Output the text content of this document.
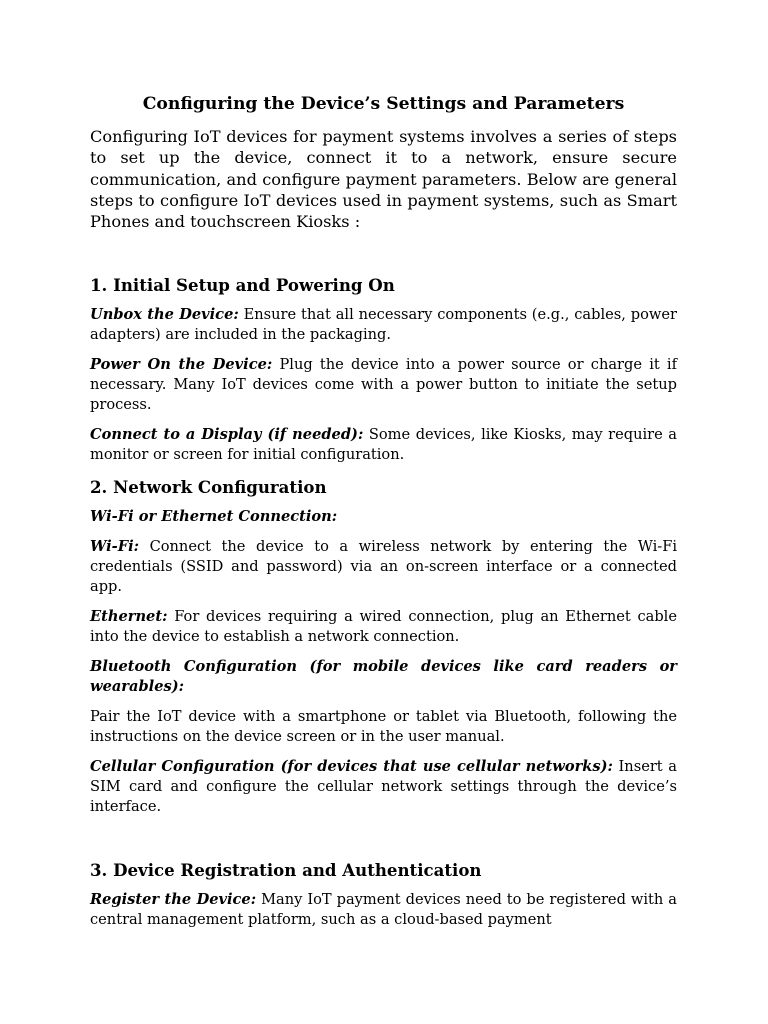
Configuring the Device’s Settings and Parameters

Configuring IoT devices for payment systems involves a series of steps to set up the device, connect it to a network, ensure secure communication, and configure payment parameters. Below are general steps to configure IoT devices used in payment systems, such as Smart Phones and touchscreen Kiosks :

1. Initial Setup and Powering On

Unbox the Device: Ensure that all necessary components (e.g., cables, power adapters) are included in the packaging.

Power On the Device: Plug the device into a power source or charge it if necessary. Many IoT devices come with a power button to initiate the setup process.

Connect to a Display (if needed): Some devices, like Kiosks, may require a monitor or screen for initial configuration.

2. Network Configuration

Wi-Fi or Ethernet Connection:

Wi-Fi: Connect the device to a wireless network by entering the Wi-Fi credentials (SSID and password) via an on-screen interface or a connected app.

Ethernet: For devices requiring a wired connection, plug an Ethernet cable into the device to establish a network connection.

Bluetooth Configuration (for mobile devices like card readers or wearables):

Pair the IoT device with a smartphone or tablet via Bluetooth, following the instructions on the device screen or in the user manual.

Cellular Configuration (for devices that use cellular networks): Insert a SIM card and configure the cellular network settings through the device’s interface.

3. Device Registration and Authentication

Register the Device: Many IoT payment devices need to be registered with a central management platform, such as a cloud-based payment
